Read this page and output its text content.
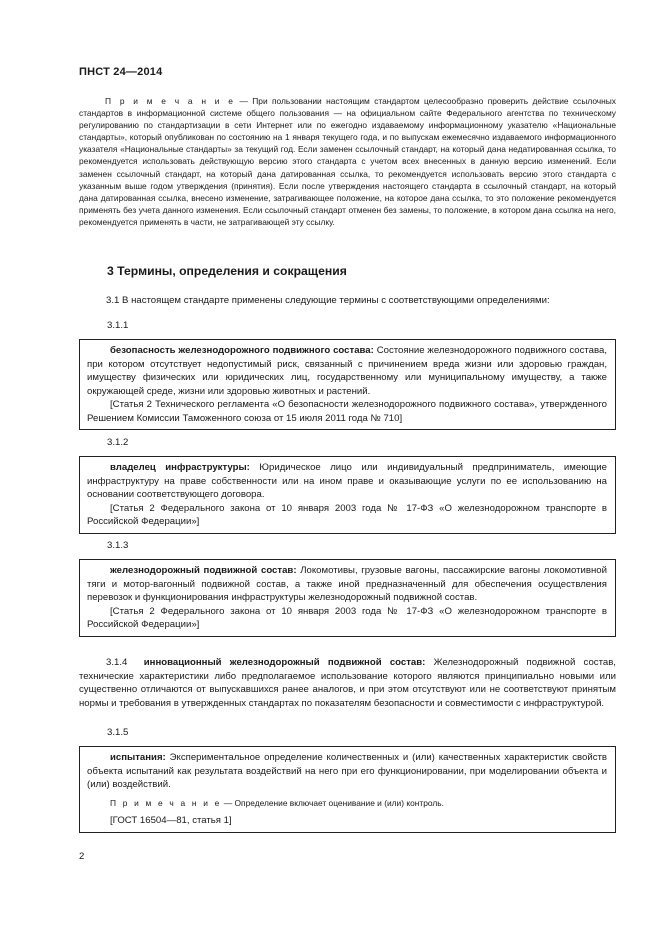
ПНСТ 24—2014
П р и м е ч а н и е — При пользовании настоящим стандартом целесообразно проверить действие ссылочных стандартов в информационной системе общего пользования — на официальном сайте Федерального агентства по техническому регулированию по стандартизации в сети Интернет или по ежегодно издаваемому информационному указателю «Национальные стандарты», который опубликован по состоянию на 1 января текущего года, и по выпускам ежемесячно издаваемого информационного указателя «Национальные стандарты» за текущий год. Если заменен ссылочный стандарт, на который дана недатированная ссылка, то рекомендуется использовать действующую версию этого стандарта с учетом всех внесенных в данную версию изменений. Если заменен ссылочный стандарт, на который дана датированная ссылка, то рекомендуется использовать версию этого стандарта с указанным выше годом утверждения (принятия). Если после утверждения настоящего стандарта в ссылочный стандарт, на который дана датированная ссылка, внесено изменение, затрагивающее положение, на которое дана ссылка, то это положение рекомендуется применять без учета данного изменения. Если ссылочный стандарт отменен без замены, то положение, в котором дана ссылка на него, рекомендуется применять в части, не затрагивающей эту ссылку.
3 Термины, определения и сокращения
3.1 В настоящем стандарте применены следующие термины с соответствующими определениями:
3.1.1

безопасность железнодорожного подвижного состава: Состояние железнодорожного подвижного состава, при котором отсутствует недопустимый риск, связанный с причинением вреда жизни или здоровью граждан, имуществу физических или юридических лиц, государственному или муниципальному имуществу, а также окружающей среде, жизни или здоровью животных и растений.

[Статья 2 Технического регламента «О безопасности железнодорожного подвижного состава», утвержденного Решением Комиссии Таможенного союза от 15 июля 2011 года № 710]

3.1.2

владелец инфраструктуры: Юридическое лицо или индивидуальный предприниматель, имеющие инфраструктуру на праве собственности или на ином праве и оказывающие услуги по ее использованию на основании соответствующего договора.

[Статья 2 Федерального закона от 10 января 2003 года № 17-ФЗ «О железнодорожном транспорте в Российской Федерации»]

3.1.3

железнодорожный подвижной состав: Локомотивы, грузовые вагоны, пассажирские вагоны локомотивной тяги и мотор-вагонный подвижной состав, а также иной предназначенный для обеспечения осуществления перевозок и функционирования инфраструктуры железнодорожный подвижной состав.

[Статья 2 Федерального закона от 10 января 2003 года № 17-ФЗ «О железнодорожном транспорте в Российской Федерации»]

3.1.4 инновационный железнодорожный подвижной состав: Железнодорожный подвижной состав, технические характеристики либо предполагаемое использование которого являются принципиально новыми или существенно отличаются от выпускавшихся ранее аналогов, и при этом отсутствуют или не соответствуют принятым нормы и требования в утвержденных стандартах по показателям безопасности и совместимости с инфраструктурой.
3.1.5

испытания: Экспериментальное определение количественных и (или) качественных характеристик свойств объекта испытаний как результата воздействий на него при его функционировании, при моделировании объекта и (или) воздействий.

П р и м е ч а н и е — Определение включает оценивание и (или) контроль.

[ГОСТ 16504—81, статья 1]

2
